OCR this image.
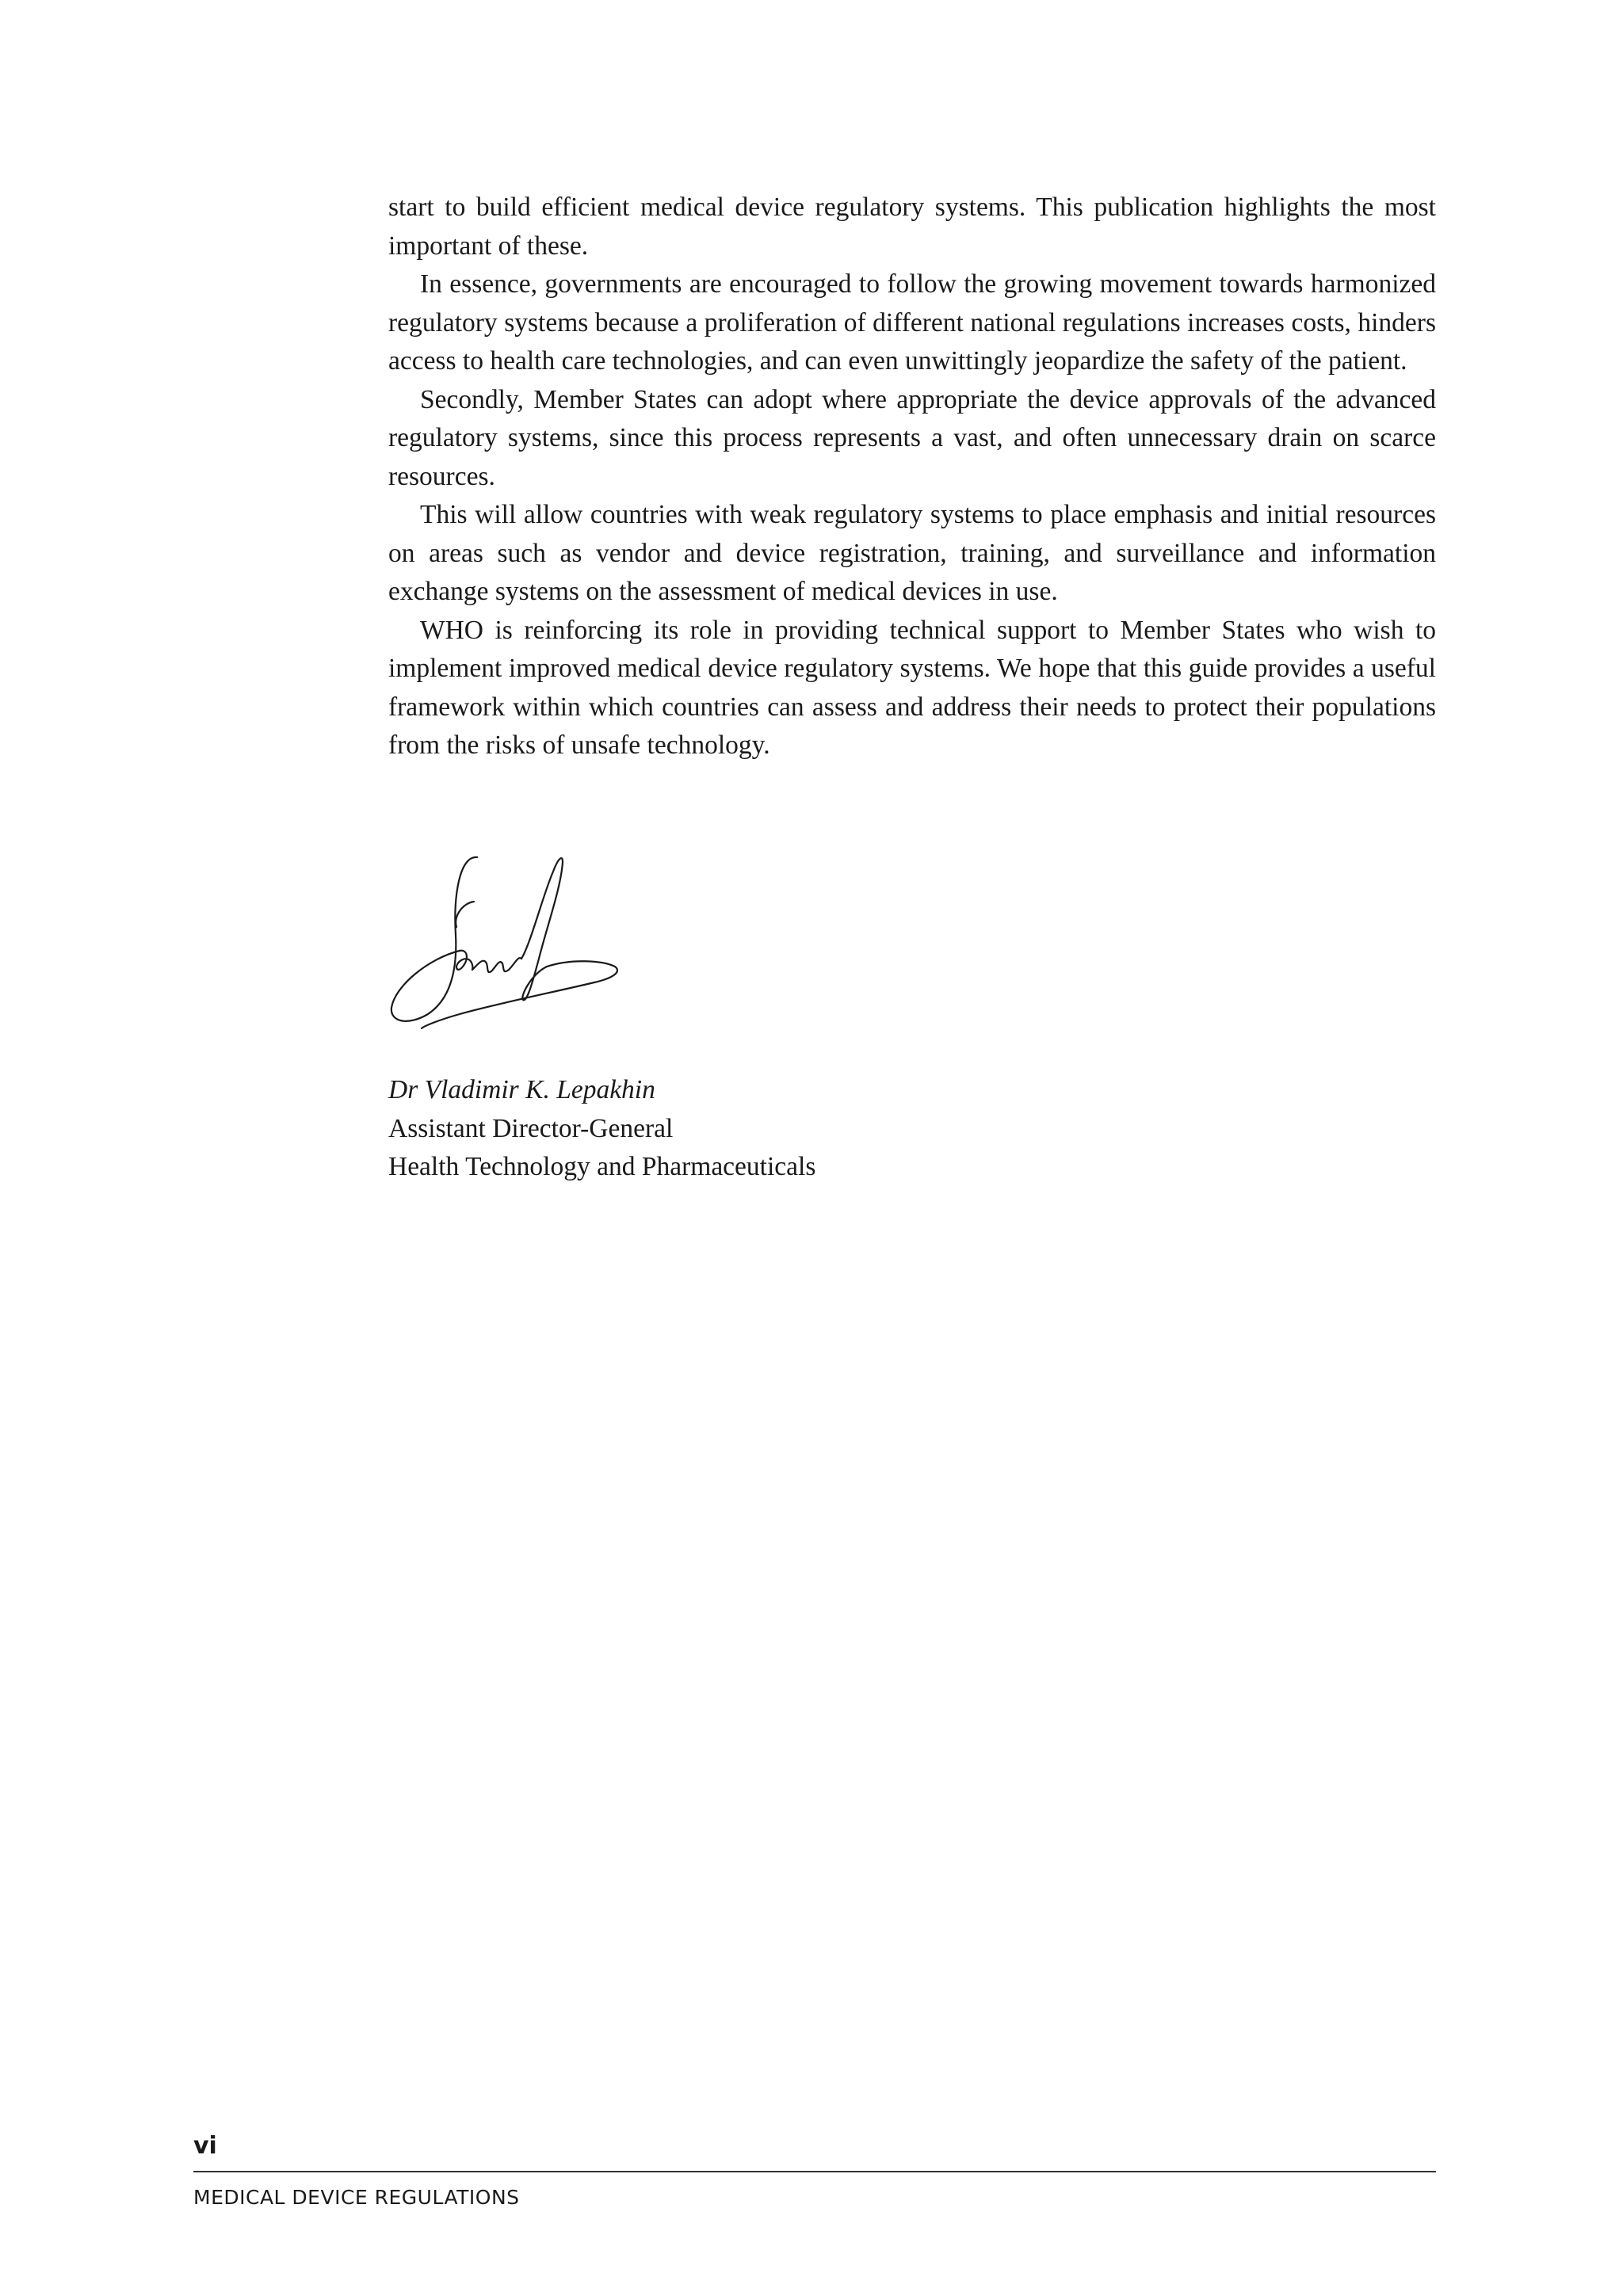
start to build efficient medical device regulatory systems. This publication highlights the most important of these.

In essence, governments are encouraged to follow the growing movement towards harmonized regulatory systems because a proliferation of different national regulations increases costs, hinders access to health care technologies, and can even unwittingly jeopardize the safety of the patient.

Secondly, Member States can adopt where appropriate the device approvals of the advanced regulatory systems, since this process represents a vast, and often unnecessary drain on scarce resources.

This will allow countries with weak regulatory systems to place emphasis and initial resources on areas such as vendor and device registration, training, and surveillance and information exchange systems on the assessment of medical devices in use.

WHO is reinforcing its role in providing technical support to Member States who wish to implement improved medical device regulatory systems. We hope that this guide provides a useful framework within which countries can assess and address their needs to protect their populations from the risks of unsafe technology.

Dr Vladimir K. Lepakhin
Assistant Director-General
Health Technology and Pharmaceuticals
vi
MEDICAL DEVICE REGULATIONS
